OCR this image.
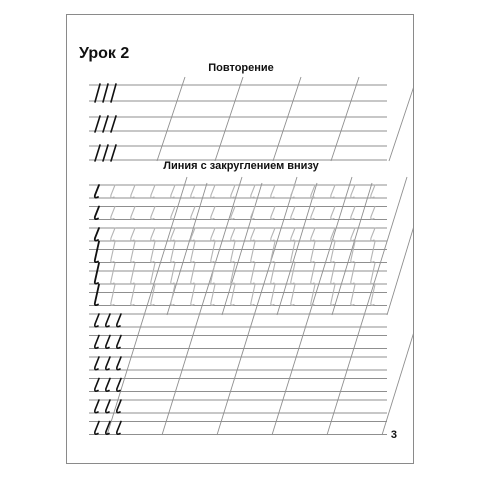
Урок 2
Повторение
Линия с закруглением внизу
3
